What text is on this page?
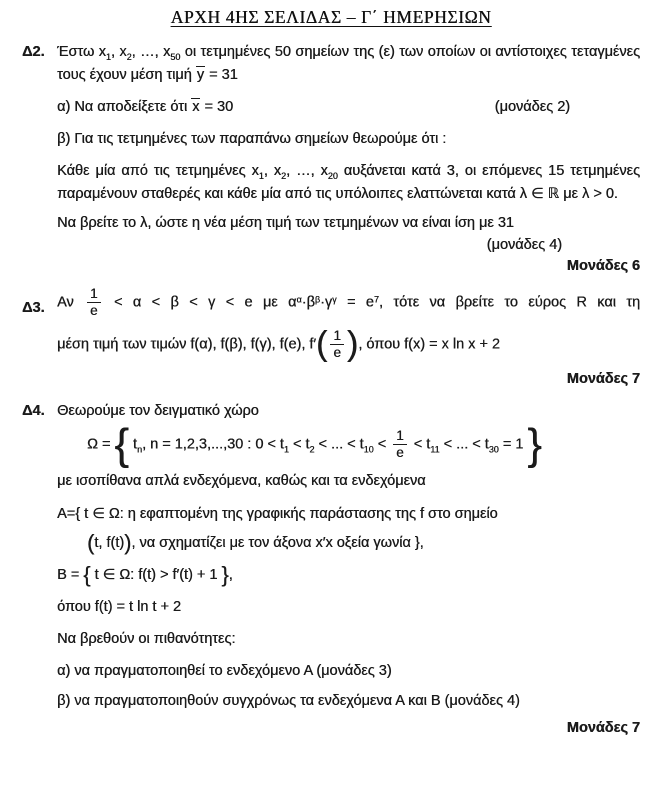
ΑΡΧΗ 4ΗΣ ΣΕΛΙΔΑΣ – Γ΄ ΗΜΕΡΗΣΙΩΝ
Δ2. Έστω $x_1$, $x_2$, …, $x_{50}$ οι τετμημένες 50 σημείων της (ε) των οποίων οι αντίστοιχες τεταγμένες τους έχουν μέση τιμή y = 31

α) Να αποδείξετε ότι x = 30	(μονάδες 2)

β) Για τις τετμημένες των παραπάνω σημείων θεωρούμε ότι :

Κάθε μία από τις τετμημένες $x_1$, $x_2$, …, $x_{20}$ αυξάνεται κατά 3, οι επόμενες 15 τετμημένες παραμένουν σταθερές και κάθε μία από τις υπόλοιπες ελαττώνεται κατά λ ∈ ℝ με λ > 0.

Να βρείτε το λ, ώστε η νέα μέση τιμή των τετμημένων να είναι ίση με 31

(μονάδες 4)

Μονάδες 6

Δ3. Αν $\frac{1}{e} < \alpha < \beta < \gamma < e$ με $\alpha^\alpha\cdot\beta^\beta\cdot\gamma^\gamma = e^7$, τότε να βρείτε το εύρος R και τη

μέση τιμή των τιμών f(α), f(β), f(γ), f(e), $f'( \frac{1}{e}$ ), όπου f(x) = x ln x + 2

Μονάδες 7

Δ4. Θεωρούμε τον δειγματικό χώρο

Ω = { $t_n$, n = 1,2,3,...,30 : $0 < t_1 < t_2$ < ... < $t_{10} < \frac{1}{e} < t_{11}$ < ... < $t_{30} = 1$ }

με ισοπίθανα απλά ενδεχόμενα, καθώς και τα ενδεχόμενα

Α={ t ∈ Ω: η εφαπτομένη της γραφικής παράστασης της f στο σημείο

(t, f(t)), να σχηματίζει με τον άξονα x′x οξεία γωνία },

Β = { t ∈ Ω: f(t) > f′(t) + 1 },

όπου f(t) = t ln t + 2

Να βρεθούν οι πιθανότητες:

α) να πραγματοποιηθεί το ενδεχόμενο Α (μονάδες 3)

β) να πραγματοποιηθούν συγχρόνως τα ενδεχόμενα Α και Β (μονάδες 4)

Μονάδες 7
